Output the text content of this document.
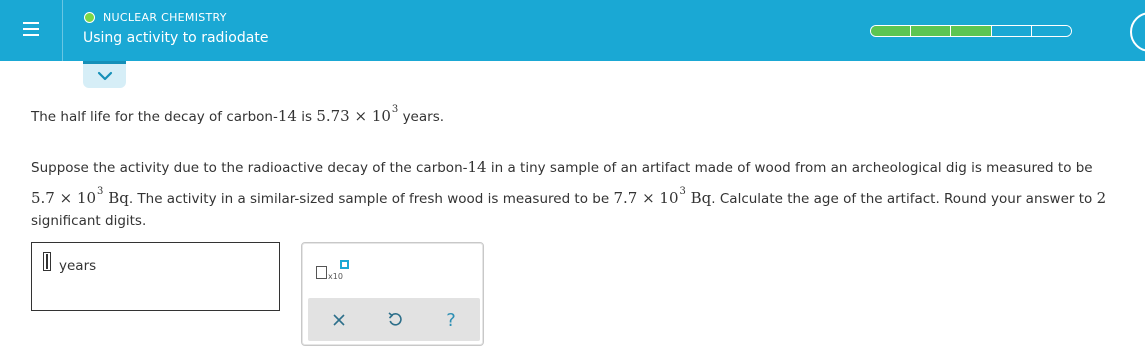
NUCLEAR CHEMISTRY
Using activity to radiodate

The half life for the decay of carbon-14 is $5.73 \times 10^3$ years.

Suppose the activity due to the radioactive decay of the carbon-14 in a tiny sample of an artifact made of wood from an archeological dig is measured to be
$5.7 \times 10^3$ Bq. The activity in a similar-sized sample of fresh wood is measured to be $7.7 \times 10^3$ Bq. Calculate the age of the artifact. Round your answer to 2
significant digits.

years
x10
?
